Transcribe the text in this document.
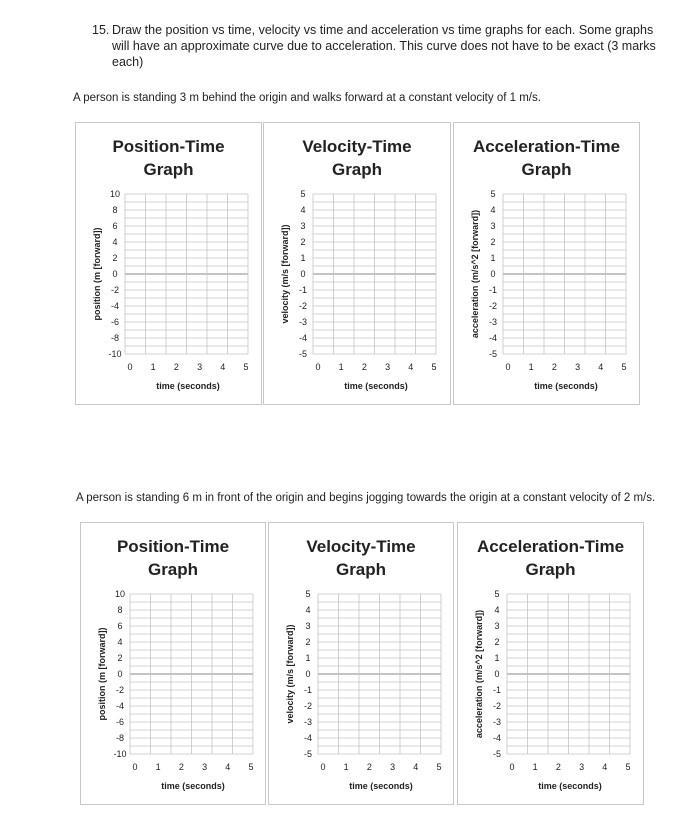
15. Draw the position vs time, velocity vs time and acceleration vs time graphs for each. Some graphs will have an approximate curve due to acceleration. This curve does not have to be exact (3 marks each)
A person is standing 3 m behind the origin and walks forward at a constant velocity of 1 m/s.
A person is standing 6 m in front of the origin and begins jogging towards the origin at a constant velocity of 2 m/s.
Position-Time
Graph
position (m [forward])
10
8
6
4
2
0
-2
-4
-6
-8
-10
0 1 2 3 4 5
time (seconds)
Velocity-Time
Graph
velocity (m/s [forward])
5
4
3
2
1
0
-1
-2
-3
-4
-5
0 1 2 3 4 5
time (seconds)
Acceleration-Time
Graph
acceleration (m/s^2 [forward])
5
4
3
2
1
0
-1
-2
-3
-4
-5
0 1 2 3 4 5
time (seconds)
Position-Time
Graph
position (m [forward])
10
8
6
4
2
0
-2
-4
-6
-8
-10
0 1 2 3 4 5
time (seconds)
Velocity-Time
Graph
velocity (m/s [forward])
5
4
3
2
1
0
-1
-2
-3
-4
-5
0 1 2 3 4 5
time (seconds)
Acceleration-Time
Graph
acceleration (m/s^2 [forward])
5
4
3
2
1
0
-1
-2
-3
-4
-5
0 1 2 3 4 5
time (seconds)
